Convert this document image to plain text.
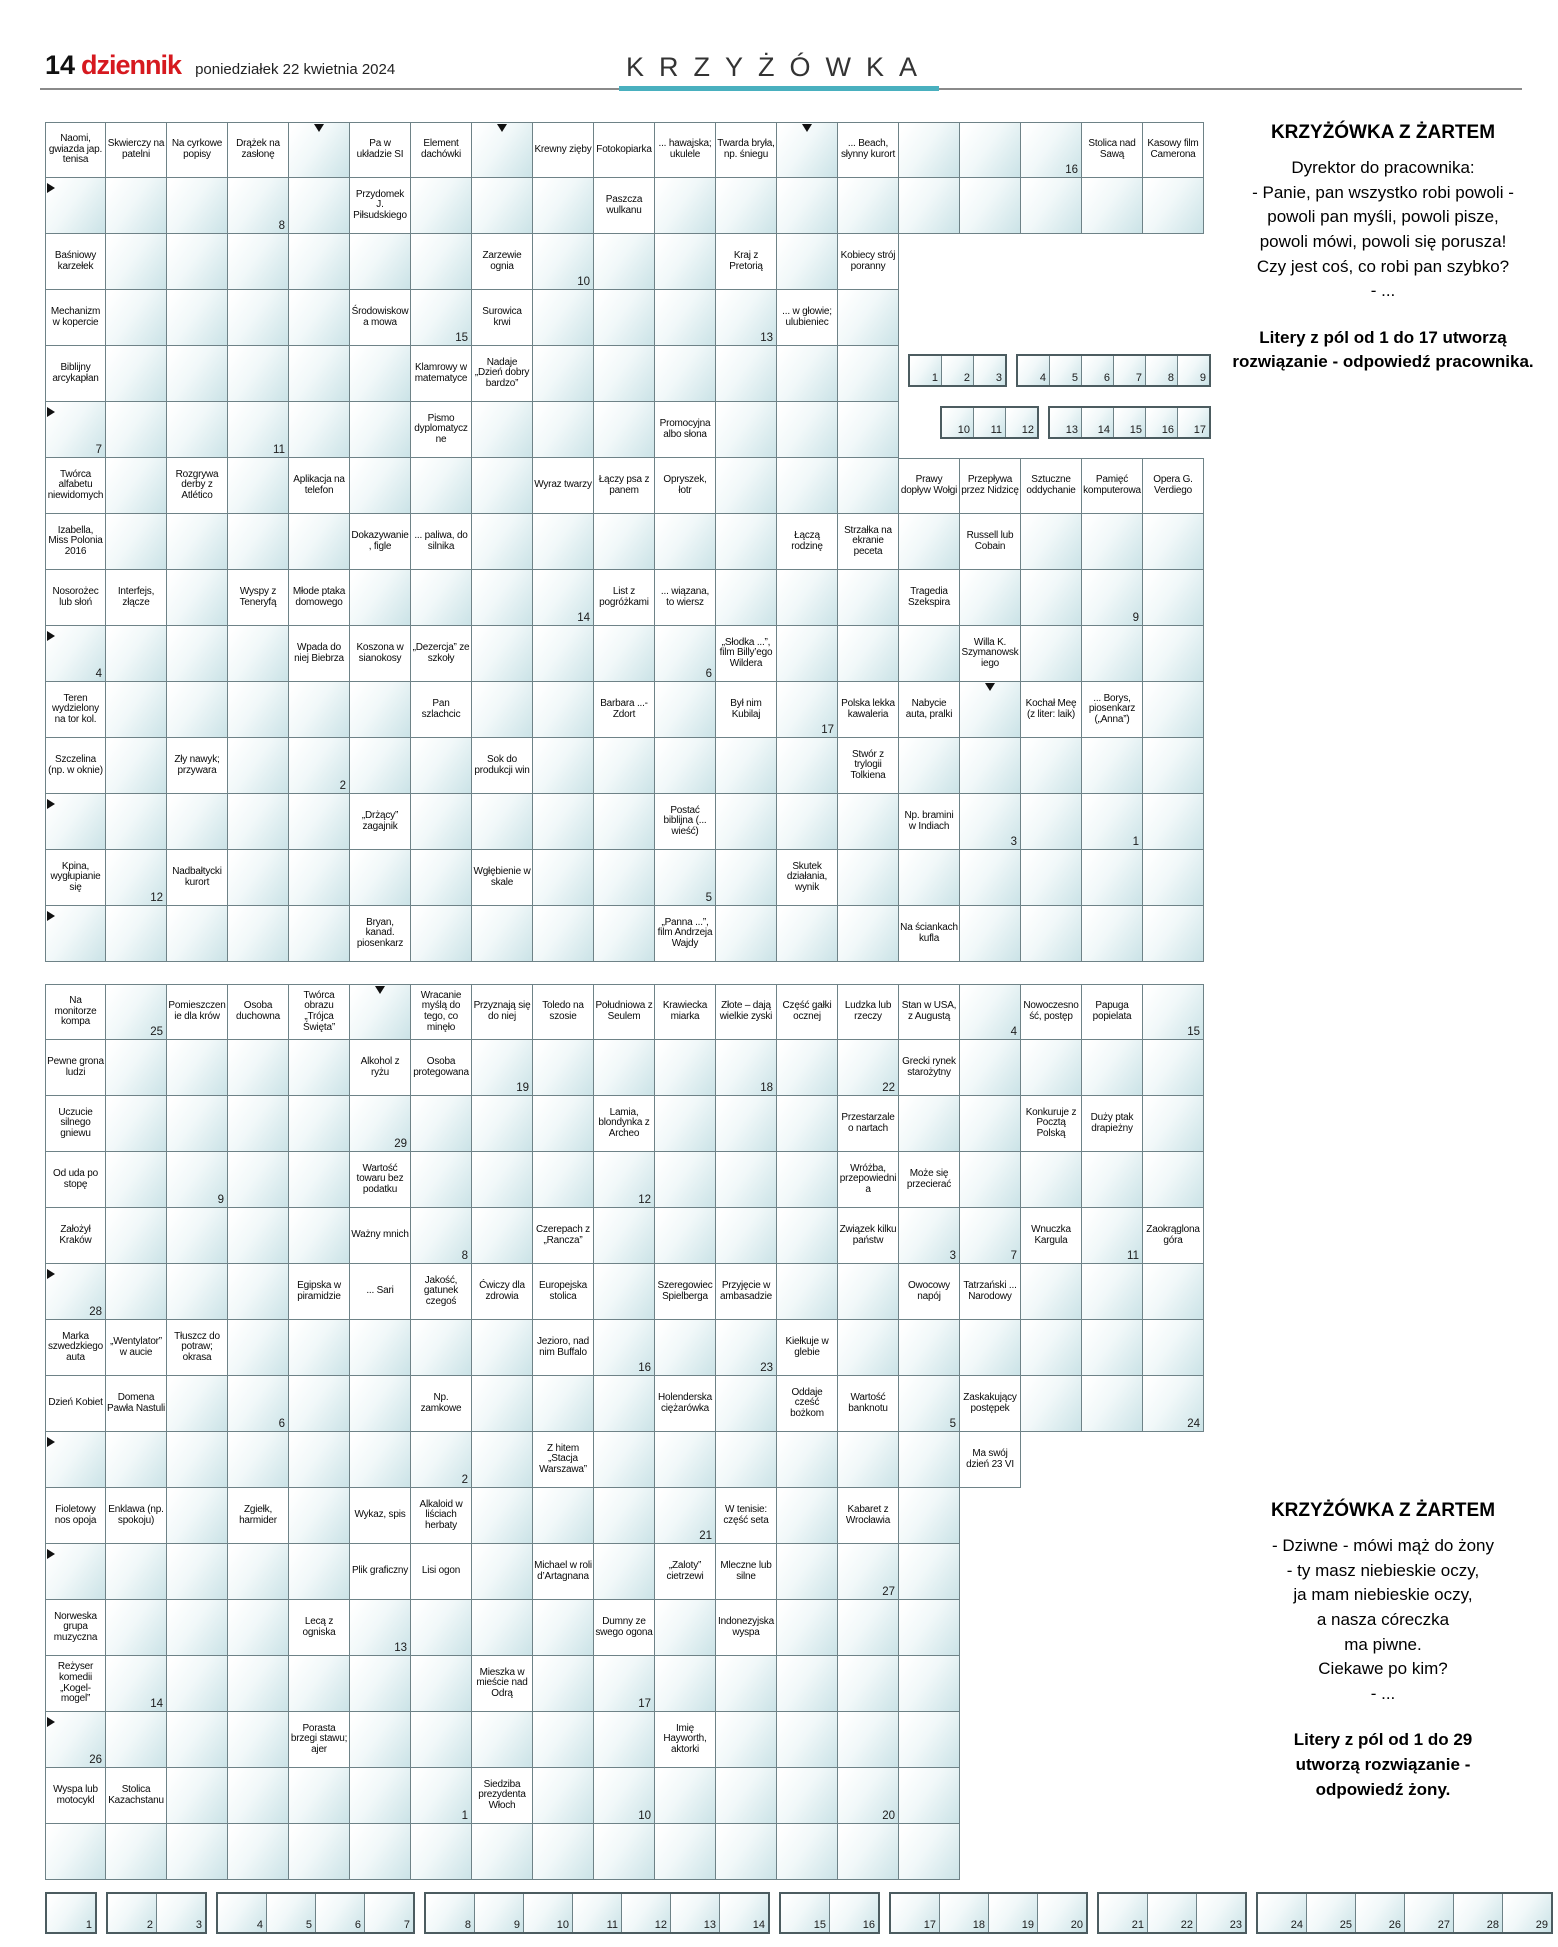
14 dziennik poniedziałek 22 kwietnia 2024	KRZYŻÓWKA
Naomi, gwiazda jap. tenisa
Skwierczy na patelni
Na cyrkowe popisy
Drążek na zasłonę
Pa w układzie SI
Element dachówki	Krewny zięby Fotokopiarka ... hawajska; ukulele
Twarda bryła, np. śniegu
... Beach, słynny kurort
16
Stolica nad Sawą
Kasowy film Camerona
8
Przydomek J. Piłsudskiego
Paszcza wulkanu
Baśniowy karzełek
Zarzewie ognia
10
Kraj z Pretorią
Kobiecy strój poranny
Mechanizm w kopercie
Środowiskowa mowa
15
Surowica krwi
13
... w głowie; ulubieniec
Biblijny arcykapłan
Klamrowy w matematyce
Nadaje „Dzień dobry bardzo”
7	11
Pismo dyplomatyczne
Promocyjna albo słona
Twórca alfabetu niewidomych
Rozgrywa derby z Atlético
Aplikacja na telefon	Wyraz twarzy Łączy psa z panem
Opryszek, łotr
Prawy dopływ Wołgi
Przepływa przez Nidzicę
Sztuczne oddychanie
Pamięć komputerowa
Opera G. Verdiego
Izabella, Miss Polonia 2016
Dokazywanie, figle
... paliwa, do silnika
Łączą rodzinę
Strzałka na ekranie peceta
Russell lub Cobain
Nosorożec lub słoń
Interfejs, złącze
Wyspy z Teneryfą
Młode ptaka domowego
14
List z pogróżkami
... wiązana, to wiersz
Tragedia Szekspira
9
4
Wpada do niej Biebrza
Koszona w sianokosy
„Dezercja” ze szkoły
6
„Słodka ...”, film Billy’ego Wildera
Willa K. Szymanowskiego
Teren wydzielony na tor kol.
Pan szlachcic
Barbara ...-Zdort
Był nim Kubilaj
17
Polska lekka kawaleria
Nabycie auta, pralki
Kochał Meę (z liter: laik)
... Borys, piosenkarz („Anna”)
Szczelina (np. w oknie)
Zły nawyk; przywara
2
Sok do produkcji win
Stwór z trylogii Tolkiena
„Drżący” zagajnik
Postać biblijna (... wieść)
Np. bramini w Indiach
3	1
Kpina, wygłupianie się
12
Nadbałtycki kurort
Wgłębienie w skale
5
Skutek działania, wynik
Bryan, kanad. piosenkarz
„Panna ...”, film Andrzeja Wajdy
Na ściankach kufla
Na monitorze kompa
25
Pomieszczenie dla krów
Osoba duchowna
Twórca obrazu „Trójca Święta”
Wracanie myślą do tego, co minęło
Przyznają się do niej
Toledo na szosie
Południowa z Seulem
Krawiecka miarka
Złote – dają wielkie zyski
Część gałki ocznej
Ludzka lub rzeczy
Stan w USA, z Augustą
4
Nowoczesność, postęp
Papuga popielata
15
Pewne grona ludzi
Alkohol z ryżu
Osoba protegowana
19	18	22
Grecki rynek starożytny
Uczucie silnego gniewu
29
Lamia, blondynka z Archeo
Przestarzale o nartach
Konkuruje z Pocztą Polską
Duży ptak drapieżny
Od uda po stopę
9
Wartość towaru bez podatku
12
Wróżba, przepowiednia
Może się przecierać
Założył Kraków	Ważny mnich
8
Czerepach z „Rancza”
Związek kilku państw
3	7
Wnuczka Kargula
11
Zaokrąglona góra
28
Egipska w piramidzie	... Sari
Jakość, gatunek czegoś
Ćwiczy dla zdrowia
Europejska stolica
Szeregowiec Spielberga
Przyjęcie w ambasadzie
Owocowy napój
Tatrzański ... Narodowy
Marka szwedzkiego auta
„Wentylator” w aucie
Tłuszcz do potraw; okrasa
Jezioro, nad nim Buffalo
16	23
Kiełkuje w glebie
Dzień Kobiet	Domena Pawła Nastuli
6
Np. zamkowe
Holenderska ciężarówka
Oddaje cześć bożkom
Wartość banknotu
5
Zaskakujący postępek
24
2
Z hitem „Stacja Warszawa”
Ma swój dzień 23 VI
Fioletowy nos opoja
Enklawa (np. spokoju)
Zgiełk, harmider	Wykaz, spis
Alkaloid w liściach herbaty
21
W tenisie: część seta
Kabaret z Wrocławia
Plik graficzny Lisi ogon	Michael w roli d’Artagnana
„Zaloty” cietrzewi
Mleczne lub silne
27
Norweska grupa muzyczna
Lecą z ogniska
13
Dumny ze swego ogona
Indonezyjska wyspa
Reżyser komedii „Kogel-mogel”	14
Mieszka w mieście nad Odrą
17
26
Porasta brzegi stawu; ajer
Imię Hayworth, aktorki
Wyspa lub motocykl
Stolica Kazachstanu
1
Siedziba prezydenta Włoch
10	20
KRZYŻÓWKA Z ŻARTEM
Dyrektor do pracownika:
- Panie, pan wszystko robi powoli -
powoli pan myśli, powoli pisze,
powoli mówi, powoli się porusza!
Czy jest coś, co robi pan szybko?
- ...
Litery z pól od 1 do 17 utworzą
rozwiązanie - odpowiedź pracownika.
KRZYŻÓWKA Z ŻARTEM
- Dziwne - mówi mąż do żony
- ty masz niebieskie oczy,
ja mam niebieskie oczy,
a nasza córeczka
ma piwne.
Ciekawe po kim?
- ...
Litery z pól od 1 do 29
utworzą rozwiązanie -
odpowiedź żony.
1 2 3	4 5 6 7 8 9
10 11 12	13 14 15 16 17
1	2	3	4	5	6	7	8	9	10	11	12	13	14	15	16	17	18	19	20	21	22	23	24	25	26	27	28	29
